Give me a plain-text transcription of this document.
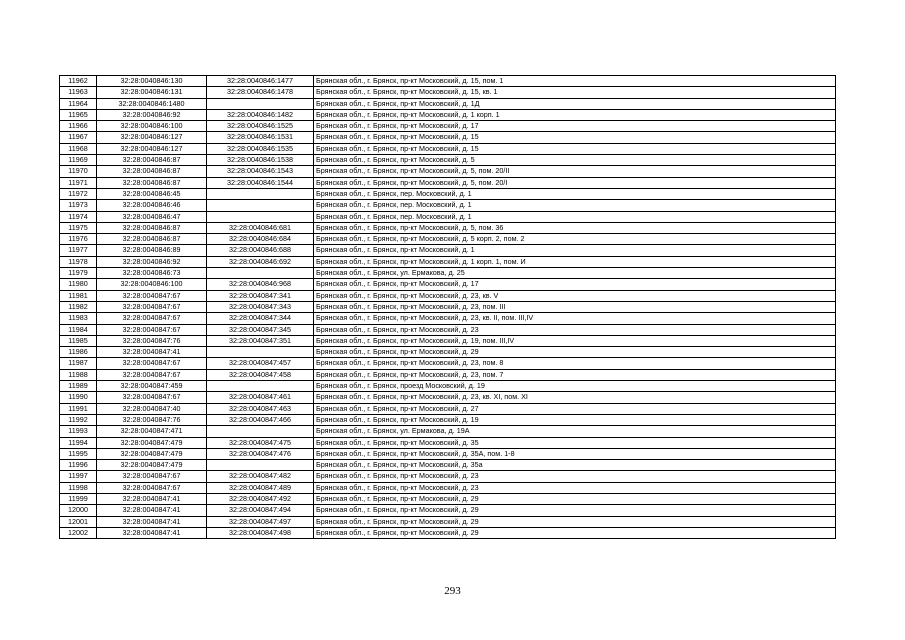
11962	32:28:0040846:130	32:28:0040846:1477	Брянская обл., г. Брянск, пр-кт Московский, д. 15, пом. 1
11963	32:28:0040846:131	32:28:0040846:1478	Брянская обл., г. Брянск, пр-кт Московский, д. 15, кв. 1
11964	32:28:0040846:1480		Брянская обл., г. Брянск, пр-кт Московский, д. 1Д
11965	32:28:0040846:92	32:28:0040846:1482	Брянская обл., г. Брянск, пр-кт Московский, д. 1 корп. 1
11966	32:28:0040846:100	32:28:0040846:1525	Брянская обл., г. Брянск, пр-кт Московский, д. 17
11967	32:28:0040846:127	32:28:0040846:1531	Брянская обл., г. Брянск, пр-кт Московский, д. 15
11968	32:28:0040846:127	32:28:0040846:1535	Брянская обл., г. Брянск, пр-кт Московский, д. 15
11969	32:28:0040846:87	32:28:0040846:1538	Брянская обл., г. Брянск, пр-кт Московский, д. 5
11970	32:28:0040846:87	32:28:0040846:1543	Брянская обл., г. Брянск, пр-кт Московский, д. 5, пом. 20/II
11971	32:28:0040846:87	32:28:0040846:1544	Брянская обл., г. Брянск, пр-кт Московский, д. 5, пом. 20/I
11972	32:28:0040846:45		Брянская обл., г. Брянск, пер. Московский, д. 1
11973	32:28:0040846:46		Брянская обл., г. Брянск, пер. Московский, д. 1
11974	32:28:0040846:47		Брянская обл., г. Брянск, пер. Московский, д. 1
11975	32:28:0040846:87	32:28:0040846:681	Брянская обл., г. Брянск, пр-кт Московский, д. 5, пом. 36
11976	32:28:0040846:87	32:28:0040846:684	Брянская обл., г. Брянск, пр-кт Московский, д. 5 корп. 2, пом. 2
11977	32:28:0040846:89	32:28:0040846:688	Брянская обл., г. Брянск, пр-кт Московский, д. 1
11978	32:28:0040846:92	32:28:0040846:692	Брянская обл., г. Брянск, пр-кт Московский, д. 1 корп. 1, пом. И
11979	32:28:0040846:73		Брянская обл., г. Брянск, ул. Ермакова, д. 25
11980	32:28:0040846:100	32:28:0040846:968	Брянская обл., г. Брянск, пр-кт Московский, д. 17
11981	32:28:0040847:67	32:28:0040847:341	Брянская обл., г. Брянск, пр-кт Московский, д. 23, кв. V
11982	32:28:0040847:67	32:28:0040847:343	Брянская обл., г. Брянск, пр-кт Московский, д. 23, пом. III
11983	32:28:0040847:67	32:28:0040847:344	Брянская обл., г. Брянск, пр-кт Московский, д. 23, кв. II, пом. III,IV
11984	32:28:0040847:67	32:28:0040847:345	Брянская обл., г. Брянск, пр-кт Московский, д. 23
11985	32:28:0040847:76	32:28:0040847:351	Брянская обл., г. Брянск, пр-кт Московский, д. 19, пом. III,IV
11986	32:28:0040847:41		Брянская обл., г. Брянск, пр-кт Московский, д. 29
11987	32:28:0040847:67	32:28:0040847:457	Брянская обл., г. Брянск, пр-кт Московский, д. 23, пом. 8
11988	32:28:0040847:67	32:28:0040847:458	Брянская обл., г. Брянск, пр-кт Московский, д. 23, пом. 7
11989	32:28:0040847:459		Брянская обл., г. Брянск, проезд Московский, д. 19
11990	32:28:0040847:67	32:28:0040847:461	Брянская обл., г. Брянск, пр-кт Московский, д. 23, кв. XI, пом. XI
11991	32:28:0040847:40	32:28:0040847:463	Брянская обл., г. Брянск, пр-кт Московский, д. 27
11992	32:28:0040847:76	32:28:0040847:466	Брянская обл., г. Брянск, пр-кт Московский, д. 19
11993	32:28:0040847:471		Брянская обл., г. Брянск, ул. Ермакова, д. 19А
11994	32:28:0040847:479	32:28:0040847:475	Брянская обл., г. Брянск, пр-кт Московский, д. 35
11995	32:28:0040847:479	32:28:0040847:476	Брянская обл., г. Брянск, пр-кт Московский, д. 35А, пом. 1-8
11996	32:28:0040847:479		Брянская обл., г. Брянск, пр-кт Московский, д. 35а
11997	32:28:0040847:67	32:28:0040847:482	Брянская обл., г. Брянск, пр-кт Московский, д. 23
11998	32:28:0040847:67	32:28:0040847:489	Брянская обл., г. Брянск, пр-кт Московский, д. 23
11999	32:28:0040847:41	32:28:0040847:492	Брянская обл., г. Брянск, пр-кт Московский, д. 29
12000	32:28:0040847:41	32:28:0040847:494	Брянская обл., г. Брянск, пр-кт Московский, д. 29
12001	32:28:0040847:41	32:28:0040847:497	Брянская обл., г. Брянск, пр-кт Московский, д. 29
12002	32:28:0040847:41	32:28:0040847:498	Брянская обл., г. Брянск, пр-кт Московский, д. 29
293
